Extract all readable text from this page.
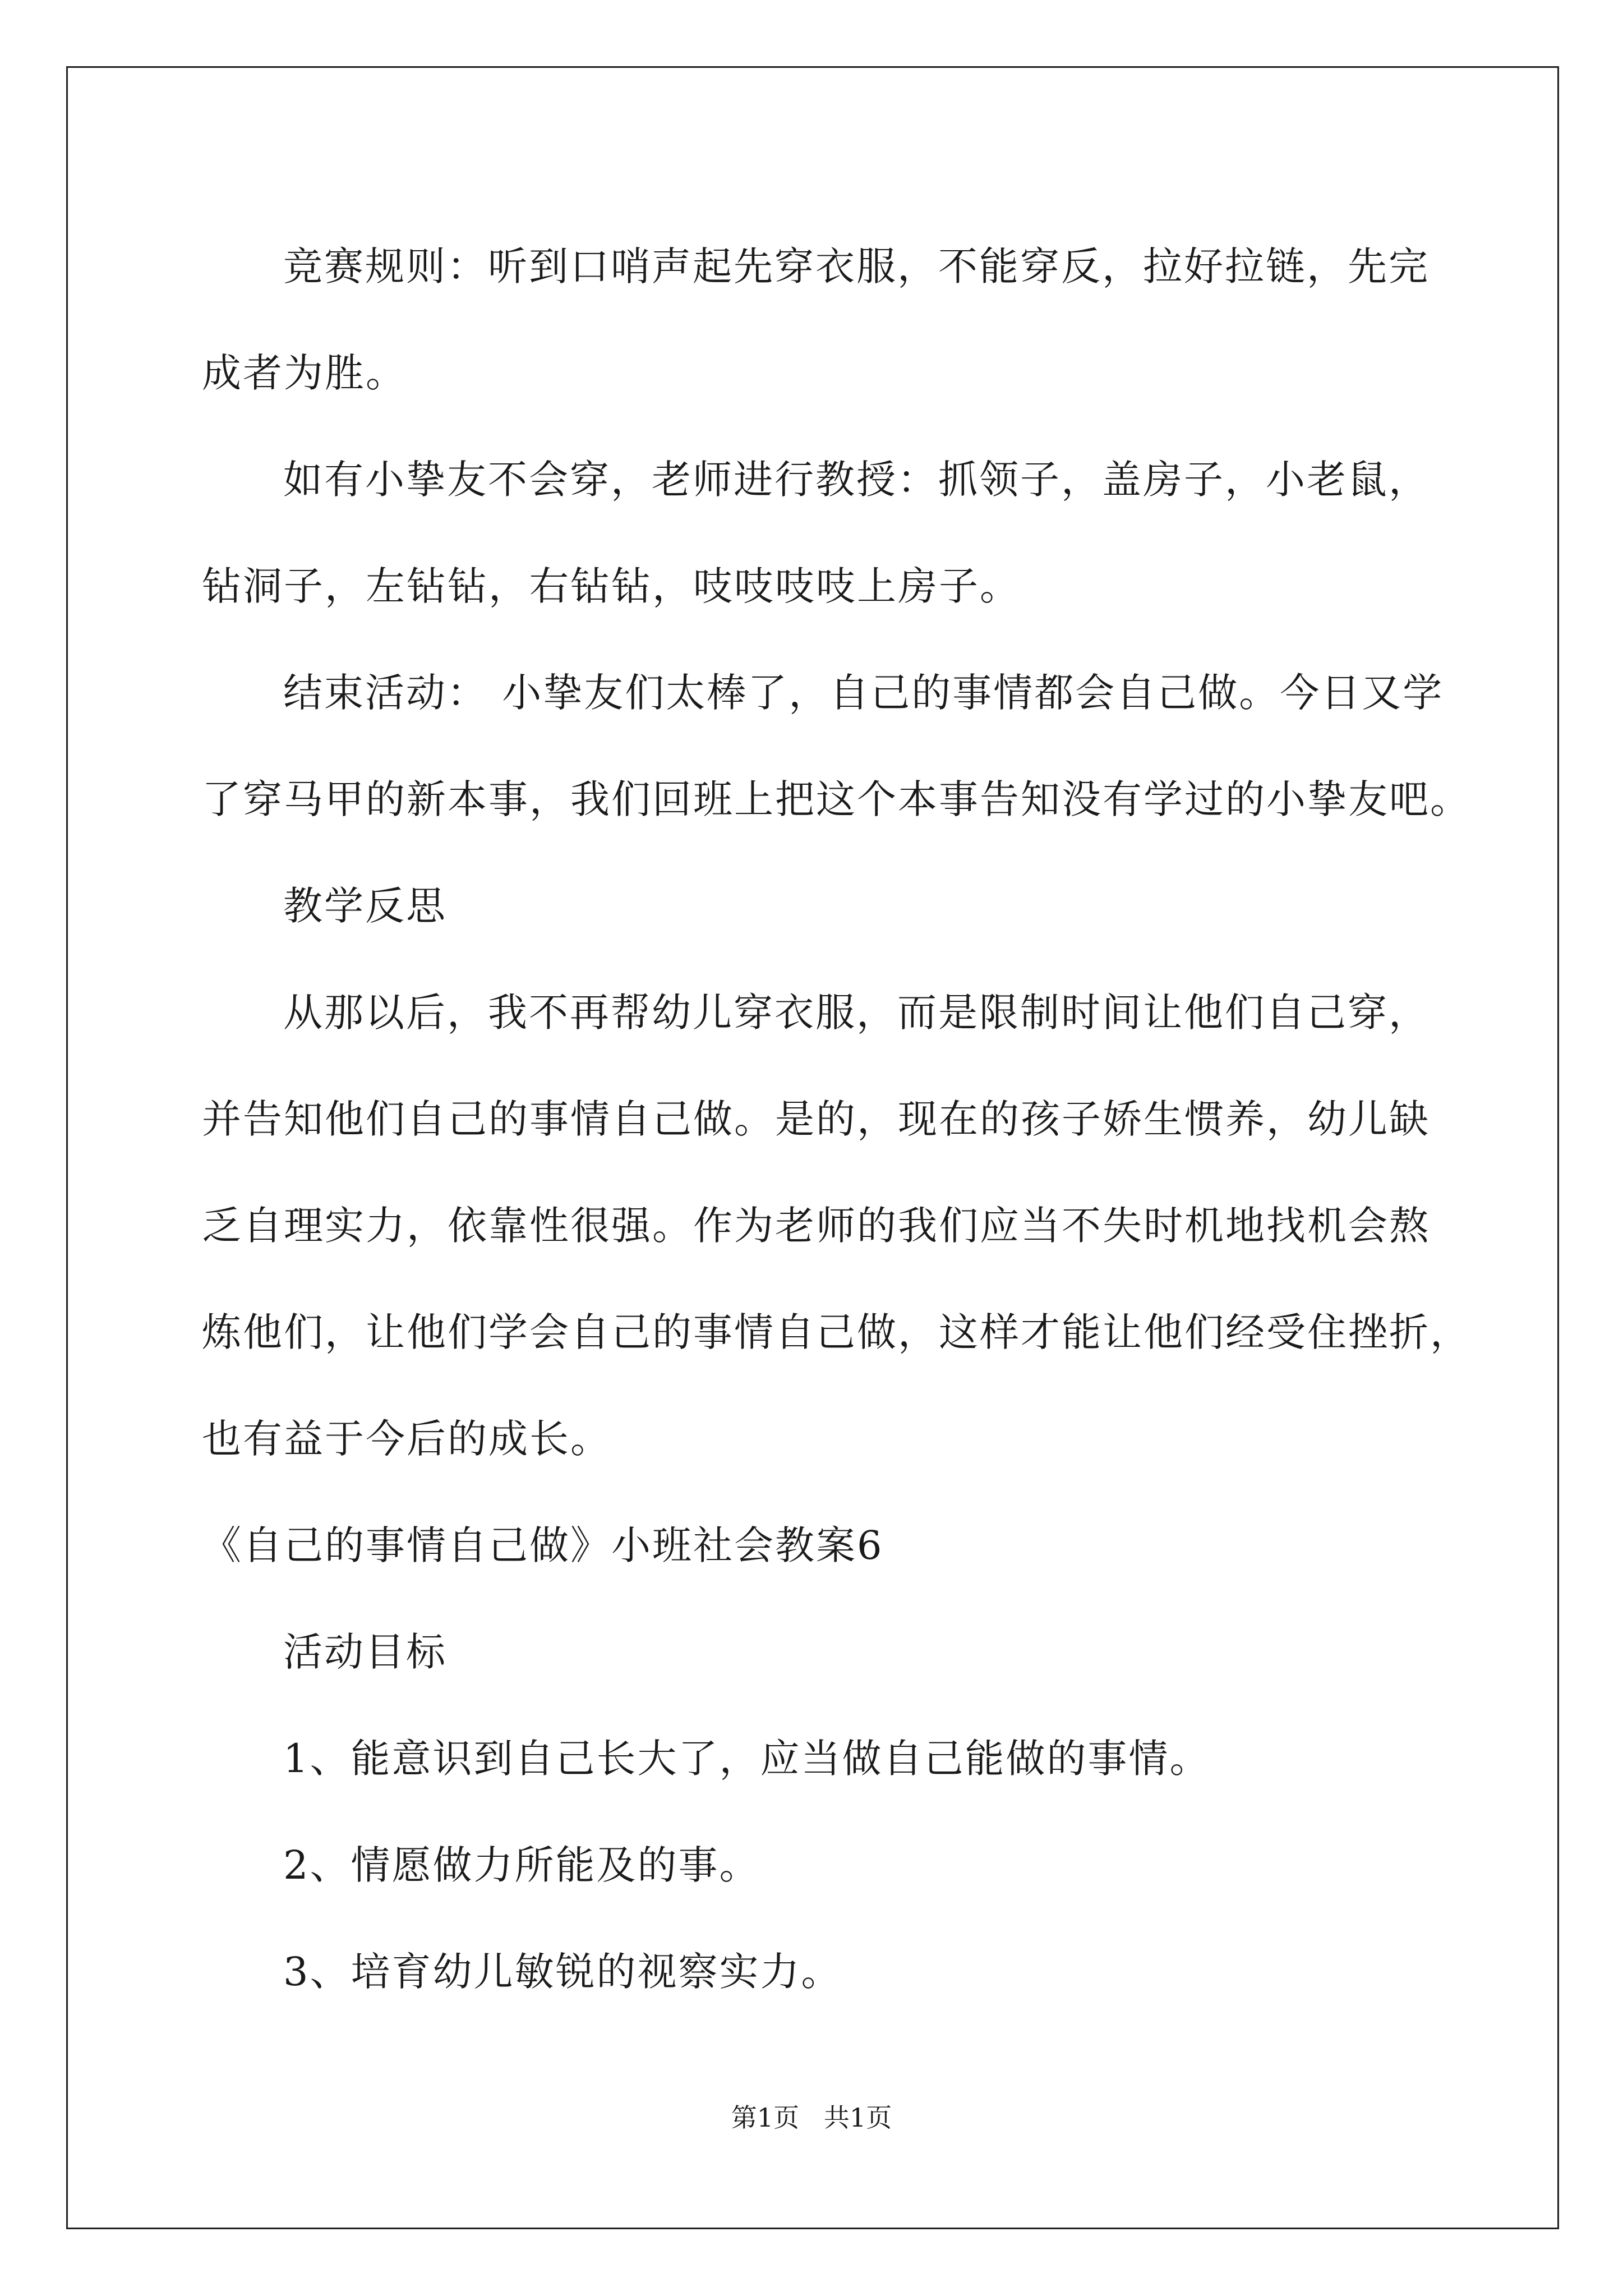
竞赛规则：听到口哨声起先穿衣服，不能穿反，拉好拉链，先完
成者为胜。
如有小挚友不会穿，老师进行教授：抓领子，盖房子，小老鼠，
钻洞子，左钻钻，右钻钻，吱吱吱吱上房子。
结束活动： 小挚友们太棒了，自己的事情都会自己做。今日又学
了穿马甲的新本事，我们回班上把这个本事告知没有学过的小挚友吧。
教学反思
从那以后，我不再帮幼儿穿衣服，而是限制时间让他们自己穿，
并告知他们自己的事情自己做。是的，现在的孩子娇生惯养，幼儿缺
乏自理实力，依靠性很强。作为老师的我们应当不失时机地找机会熬
炼他们，让他们学会自己的事情自己做，这样才能让他们经受住挫折，
也有益于今后的成长。
《自己的事情自己做》小班社会教案6
活动目标
1、能意识到自己长大了，应当做自己能做的事情。
2、情愿做力所能及的事。
3、培育幼儿敏锐的视察实力。
第1页   共1页
